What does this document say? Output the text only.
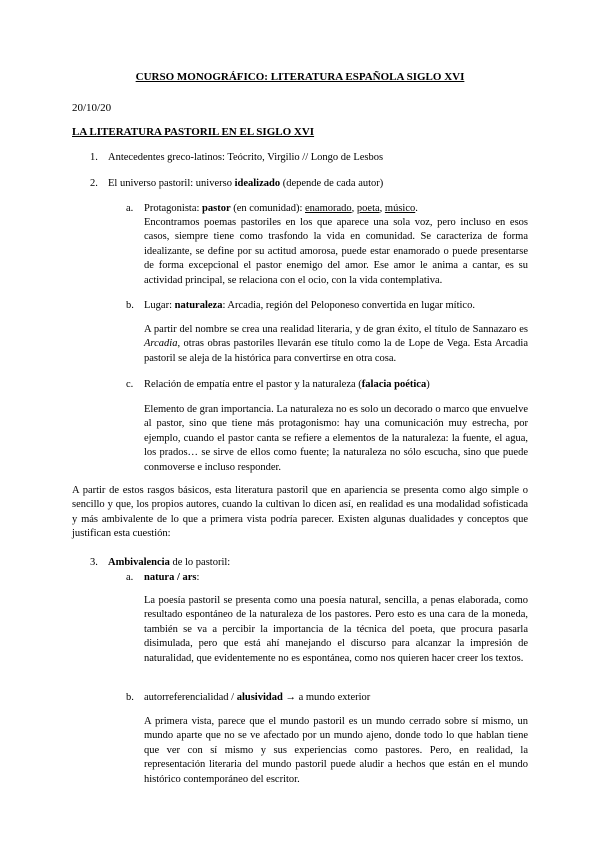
CURSO MONOGRÁFICO: LITERATURA ESPAÑOLA SIGLO XVI

20/10/20

LA LITERATURA PASTORIL EN EL SIGLO XVI

1. Antecedentes greco-latinos: Teócrito, Virgilio // Longo de Lesbos
2. El universo pastoril: universo idealizado (depende de cada autor)
a. Protagonista: pastor (en comunidad): enamorado, poeta, músico.

Encontramos poemas pastoriles en los que aparece una sola voz, pero incluso en esos casos, siempre tiene como trasfondo la vida en comunidad. Se caracteriza de forma idealizante, se define por su actitud amorosa, puede estar enamorado o puede presentarse de forma excepcional el pastor enemigo del amor. Ese amor le anima a cantar, es su actividad principal, se relaciona con el ocio, con la vida contemplativa.

b. Lugar: naturaleza: Arcadia, región del Peloponeso convertida en lugar mítico.

A partir del nombre se crea una realidad literaria, y de gran éxito, el título de Sannazaro es Arcadia, otras obras pastoriles llevarán ese título como la de Lope de Vega. Esta Arcadia pastoril se aleja de la histórica para convertirse en otra cosa.

c. Relación de empatía entre el pastor y la naturaleza (falacia poética)

Elemento de gran importancia. La naturaleza no es solo un decorado o marco que envuelve al pastor, sino que tiene más protagonismo: hay una comunicación muy estrecha, por ejemplo, cuando el pastor canta se refiere a elementos de la naturaleza: la fuente, el agua, los prados… se sirve de ellos como fuente; la naturaleza no sólo escucha, sino que puede conmoverse e incluso responder.

A partir de estos rasgos básicos, esta literatura pastoril que en apariencia se presenta como algo simple o sencillo y que, los propios autores, cuando la cultivan lo dicen así, en realidad es una modalidad sofisticada y más ambivalente de lo que a primera vista podría parecer. Existen algunas dualidades y conceptos que justifican esta cuestión:

3. Ambivalencia de lo pastoril:
a. natura / ars:

La poesía pastoril se presenta como una poesía natural, sencilla, a penas elaborada, como resultado espontáneo de la naturaleza de los pastores. Pero esto es una cara de la moneda, también se va a percibir la importancia de la técnica del poeta, que procura pasarla disimulada, pero que está ahí manejando el discurso para alcanzar la impresión de naturalidad, que evidentemente no es espontánea, como nos quieren hacer creer los textos.

b. autorreferencialidad / alusividad → a mundo exterior

A primera vista, parece que el mundo pastoril es un mundo cerrado sobre sí mismo, un mundo aparte que no se ve afectado por un mundo ajeno, donde todo lo que hablan tiene que ver con sí mismo y sus experiencias como pastores. Pero, en realidad, la representación literaria del mundo pastoril puede aludir a hechos que están en el mundo histórico contemporáneo del escritor.
